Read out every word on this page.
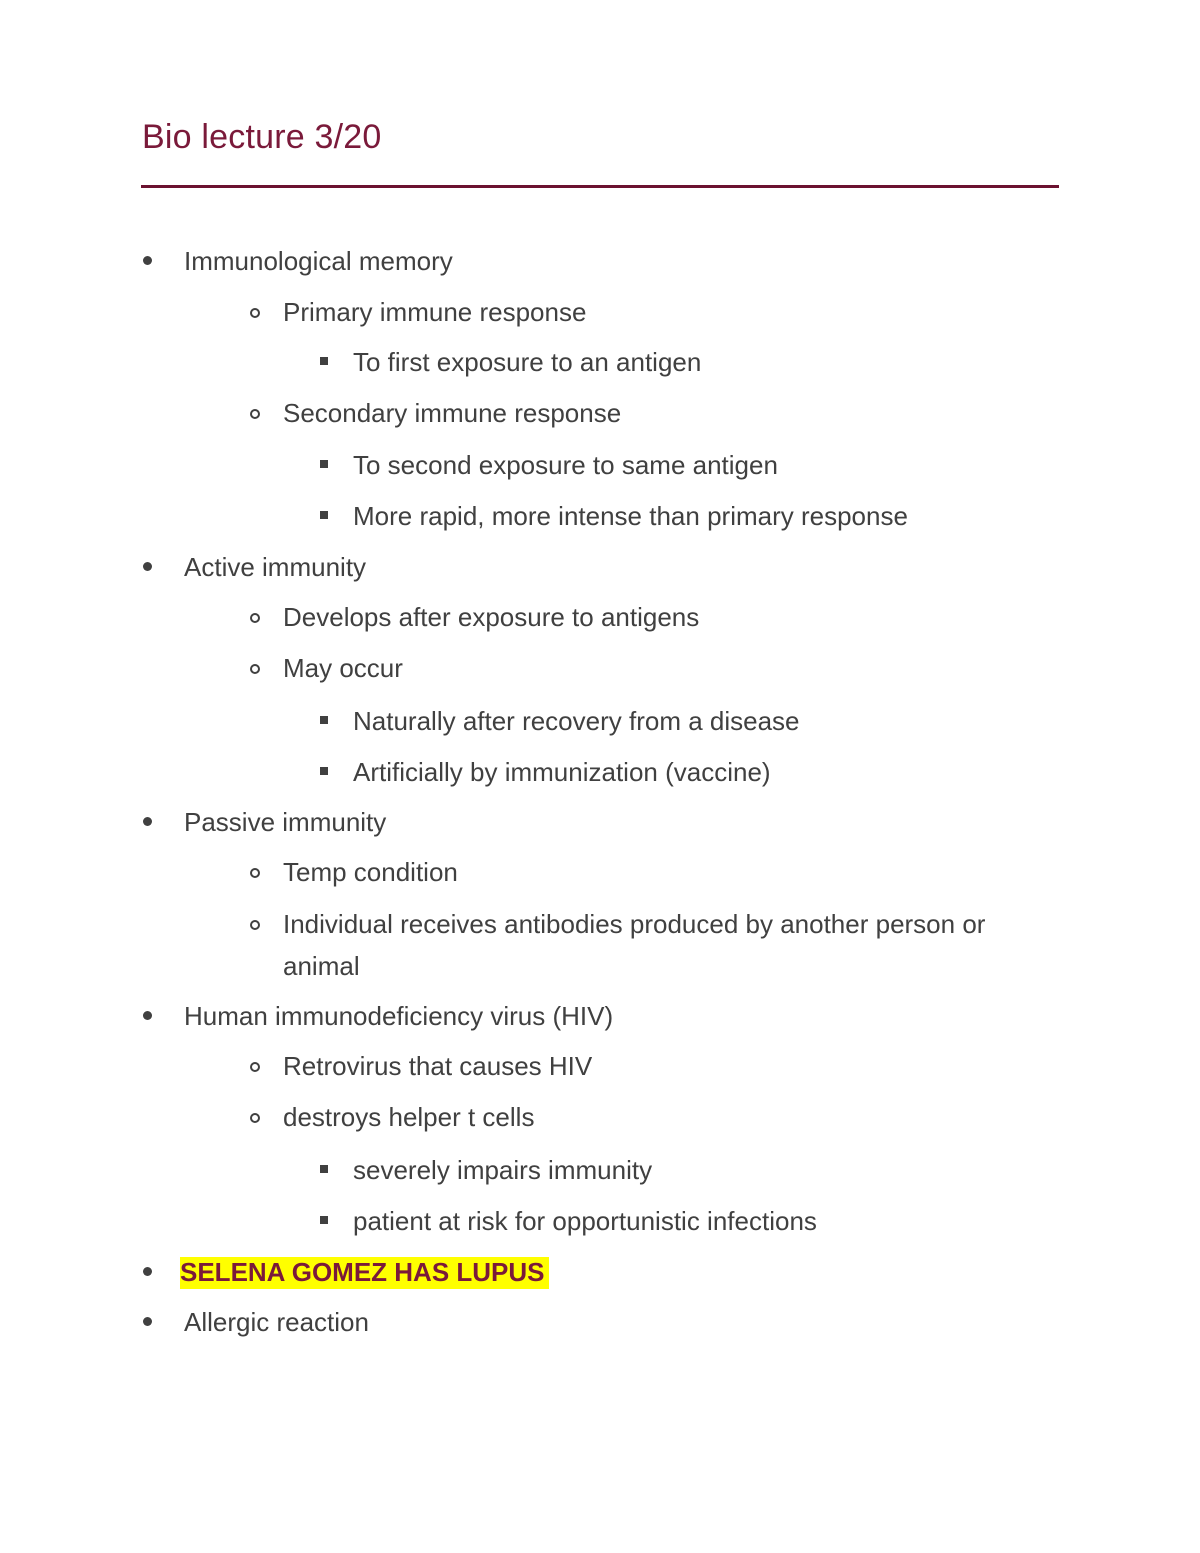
Bio lecture 3/20
Immunological memory
Primary immune response
To first exposure to an antigen
Secondary immune response
To second exposure to same antigen
More rapid, more intense than primary response
Active immunity
Develops after exposure to antigens
May occur
Naturally after recovery from a disease
Artificially by immunization (vaccine)
Passive immunity
Temp condition
Individual receives antibodies produced by another person or animal
Human immunodeficiency virus (HIV)
Retrovirus that causes HIV
destroys helper t cells
severely impairs immunity
patient at risk for opportunistic infections
SELENA GOMEZ HAS LUPUS
Allergic reaction
